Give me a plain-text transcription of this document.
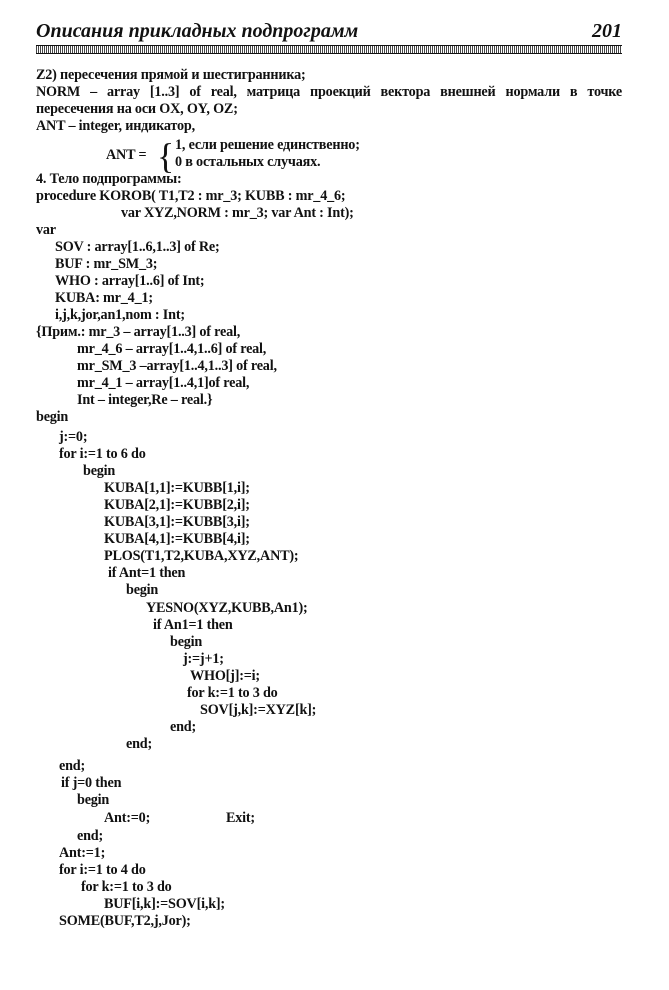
Описания прикладных подпрограмм	201
Z2) пересечения прямой и шестигранника;
NORM – array [1..3] of real, матрица проекций вектора внешней нормали в точке
пересечения на оси OX, OY, OZ;
ANT – integer, индикатор,
ANT = { 1, если решение единственно;
0 в остальных случаях.
4. Тело подпрограммы:
procedure KOROB( T1,T2 : mr_3; KUBB : mr_4_6;
var XYZ,NORM : mr_3; var Ant : Int);
var
SOV : array[1..6,1..3] of Re;
BUF : mr_SM_3;
WHO : array[1..6] of Int;
KUBA: mr_4_1;
i,j,k,jor,an1,nom : Int;
{Прим.: mr_3 – array[1..3] of real,
mr_4_6 – array[1..4,1..6] of real,
mr_SM_3 –array[1..4,1..3] of real,
mr_4_1 – array[1..4,1]of real,
Int – integer,Re – real.}
begin
j:=0;
for i:=1 to 6 do
begin
KUBA[1,1]:=KUBB[1,i];
KUBA[2,1]:=KUBB[2,i];
KUBA[3,1]:=KUBB[3,i];
KUBA[4,1]:=KUBB[4,i];
PLOS(T1,T2,KUBA,XYZ,ANT);
if Ant=1 then
begin
YESNO(XYZ,KUBB,An1);
if An1=1 then
begin
j:=j+1;
WHO[j]:=i;
for k:=1 to 3 do
SOV[j,k]:=XYZ[k];
end;
end;
end;
if j=0 then
begin
Ant:=0;	Exit;
end;
Ant:=1;
for i:=1 to 4 do
for k:=1 to 3 do
BUF[i,k]:=SOV[i,k];
SOME(BUF,T2,j,Jor);
